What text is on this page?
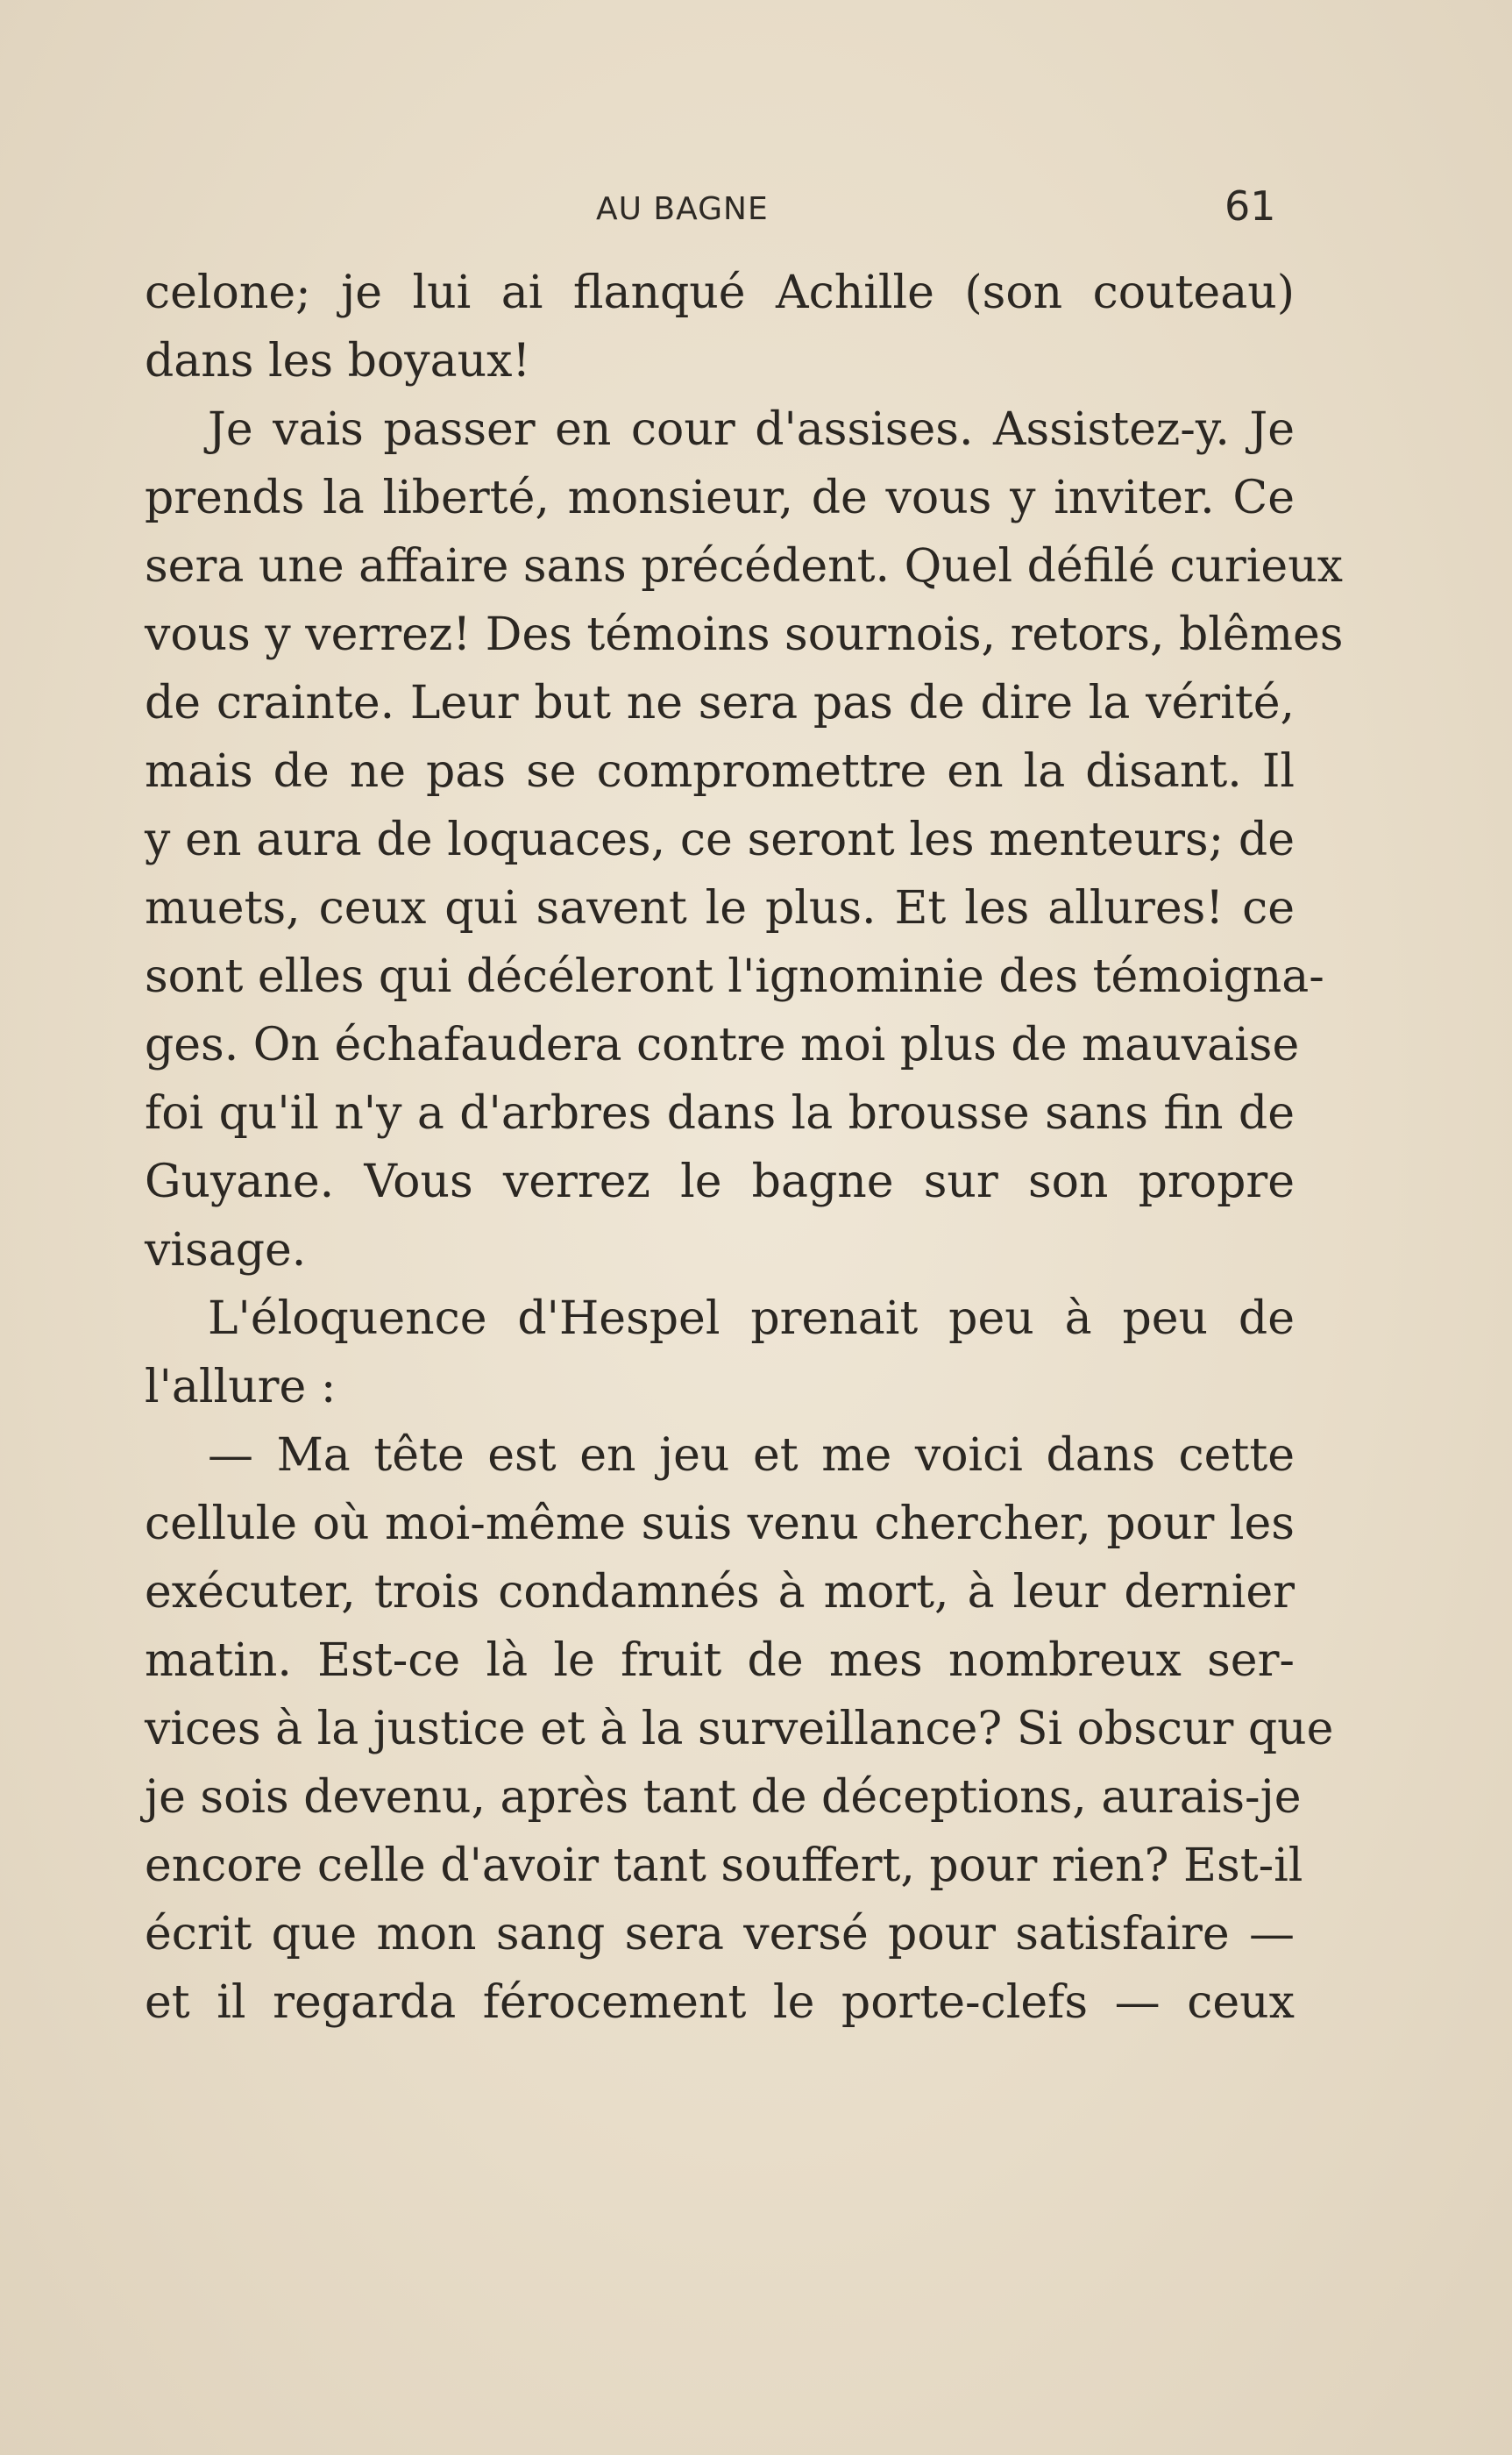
AU BAGNE	61
celone; je lui ai flanqué Achille (son couteau)
dans les boyaux!
Je vais passer en cour d'assises. Assistez-y. Je
prends la liberté, monsieur, de vous y inviter. Ce
sera une affaire sans précédent. Quel défilé curieux
vous y verrez! Des témoins sournois, retors, blêmes
de crainte. Leur but ne sera pas de dire la vérité,
mais de ne pas se compromettre en la disant. Il
y en aura de loquaces, ce seront les menteurs; de
muets, ceux qui savent le plus. Et les allures! ce
sont elles qui décéleront l'ignominie des témoigna-
ges. On échafaudera contre moi plus de mauvaise
foi qu'il n'y a d'arbres dans la brousse sans fin de
Guyane. Vous verrez le bagne sur son propre
visage.
L'éloquence d'Hespel prenait peu à peu de
l'allure :
— Ma tête est en jeu et me voici dans cette
cellule où moi-même suis venu chercher, pour les
exécuter, trois condamnés à mort, à leur dernier
matin. Est-ce là le fruit de mes nombreux ser-
vices à la justice et à la surveillance? Si obscur que
je sois devenu, après tant de déceptions, aurais-je
encore celle d'avoir tant souffert, pour rien? Est-il
écrit que mon sang sera versé pour satisfaire —
et il regarda férocement le porte-clefs — ceux
